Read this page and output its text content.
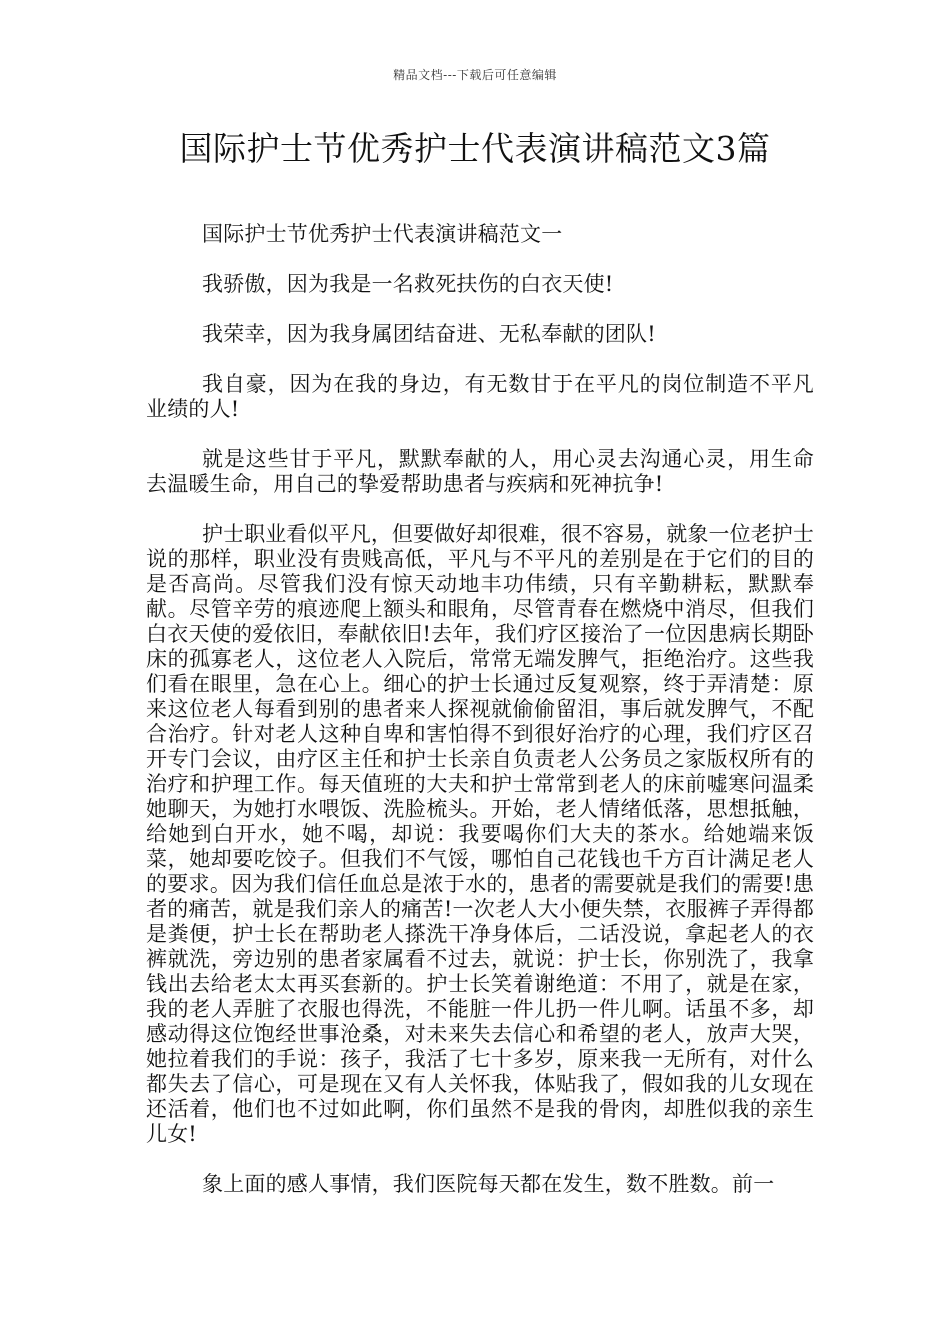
精品文档---下载后可任意编辑
国际护士节优秀护士代表演讲稿范文3篇

国际护士节优秀护士代表演讲稿范文一

我骄傲，因为我是一名救死扶伤的白衣天使!

我荣幸，因为我身属团结奋进、无私奉献的团队!

我自豪，因为在我的身边，有无数甘于在平凡的岗位制造不平凡业绩的人!

就是这些甘于平凡，默默奉献的人，用心灵去沟通心灵，用生命去温暖生命，用自己的挚爱帮助患者与疾病和死神抗争!

护士职业看似平凡，但要做好却很难，很不容易，就象一位老护士说的那样，职业没有贵贱高低，平凡与不平凡的差别是在于它们的目的是否高尚。尽管我们没有惊天动地丰功伟绩，只有辛勤耕耘，默默奉献。尽管辛劳的痕迹爬上额头和眼角，尽管青春在燃烧中消尽，但我们白衣天使的爱依旧，奉献依旧!去年，我们疗区接治了一位因患病长期卧床的孤寡老人，这位老人入院后，常常无端发脾气，拒绝治疗。这些我们看在眼里，急在心上。细心的护士长通过反复观察，终于弄清楚：原来这位老人每看到别的患者来人探视就偷偷留泪，事后就发脾气，不配合治疗。针对老人这种自卑和害怕得不到很好治疗的心理，我们疗区召开专门会议，由疗区主任和护士长亲自负责老人公务员之家版权所有的治疗和护理工作。每天值班的大夫和护士常常到老人的床前嘘寒问温柔她聊天，为她打水喂饭、洗脸梳头。开始，老人情绪低落，思想抵触，给她到白开水，她不喝，却说：我要喝你们大夫的茶水。给她端来饭菜，她却要吃饺子。但我们不气馁，哪怕自己花钱也千方百计满足老人的要求。因为我们信任血总是浓于水的，患者的需要就是我们的需要!患者的痛苦，就是我们亲人的痛苦!一次老人大小便失禁，衣服裤子弄得都是粪便，护士长在帮助老人搽洗干净身体后，二话没说，拿起老人的衣裤就洗，旁边别的患者家属看不过去，就说：护士长，你别洗了，我拿钱出去给老太太再买套新的。护士长笑着谢绝道：不用了，就是在家，我的老人弄脏了衣服也得洗，不能脏一件儿扔一件儿啊。话虽不多，却感动得这位饱经世事沧桑，对未来失去信心和希望的老人，放声大哭，她拉着我们的手说：孩子，我活了七十多岁，原来我一无所有，对什么都失去了信心，可是现在又有人关怀我，体贴我了，假如我的儿女现在还活着，他们也不过如此啊，你们虽然不是我的骨肉，却胜似我的亲生儿女!

象上面的感人事情，我们医院每天都在发生，数不胜数。前一
